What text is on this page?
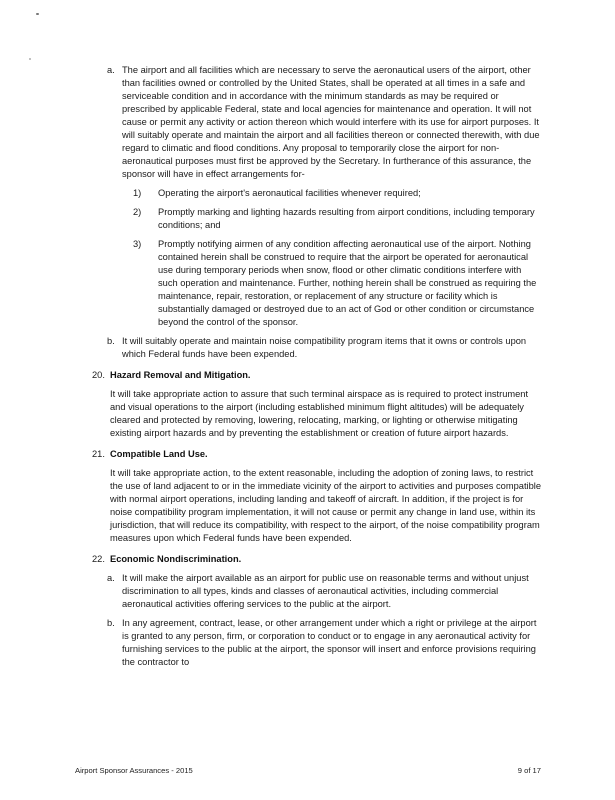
a. The airport and all facilities which are necessary to serve the aeronautical users of the airport, other than facilities owned or controlled by the United States, shall be operated at all times in a safe and serviceable condition and in accordance with the minimum standards as may be required or prescribed by applicable Federal, state and local agencies for maintenance and operation. It will not cause or permit any activity or action thereon which would interfere with its use for airport purposes. It will suitably operate and maintain the airport and all facilities thereon or connected therewith, with due regard to climatic and flood conditions. Any proposal to temporarily close the airport for non-aeronautical purposes must first be approved by the Secretary. In furtherance of this assurance, the sponsor will have in effect arrangements for-
1)	Operating the airport's aeronautical facilities whenever required;
2)	Promptly marking and lighting hazards resulting from airport conditions, including temporary conditions; and
3)	Promptly notifying airmen of any condition affecting aeronautical use of the airport. Nothing contained herein shall be construed to require that the airport be operated for aeronautical use during temporary periods when snow, flood or other climatic conditions interfere with such operation and maintenance. Further, nothing herein shall be construed as requiring the maintenance, repair, restoration, or replacement of any structure or facility which is substantially damaged or destroyed due to an act of God or other condition or circumstance beyond the control of the sponsor.
b. It will suitably operate and maintain noise compatibility program items that it owns or controls upon which Federal funds have been expended.
20. Hazard Removal and Mitigation.
It will take appropriate action to assure that such terminal airspace as is required to protect instrument and visual operations to the airport (including established minimum flight altitudes) will be adequately cleared and protected by removing, lowering, relocating, marking, or lighting or otherwise mitigating existing airport hazards and by preventing the establishment or creation of future airport hazards.
21. Compatible Land Use.
It will take appropriate action, to the extent reasonable, including the adoption of zoning laws, to restrict the use of land adjacent to or in the immediate vicinity of the airport to activities and purposes compatible with normal airport operations, including landing and takeoff of aircraft. In addition, if the project is for noise compatibility program implementation, it will not cause or permit any change in land use, within its jurisdiction, that will reduce its compatibility, with respect to the airport, of the noise compatibility program measures upon which Federal funds have been expended.
22. Economic Nondiscrimination.
a. It will make the airport available as an airport for public use on reasonable terms and without unjust discrimination to all types, kinds and classes of aeronautical activities, including commercial aeronautical activities offering services to the public at the airport.
b. In any agreement, contract, lease, or other arrangement under which a right or privilege at the airport is granted to any person, firm, or corporation to conduct or to engage in any aeronautical activity for furnishing services to the public at the airport, the sponsor will insert and enforce provisions requiring the contractor to
Airport Sponsor Assurances - 2015	9 of 17
